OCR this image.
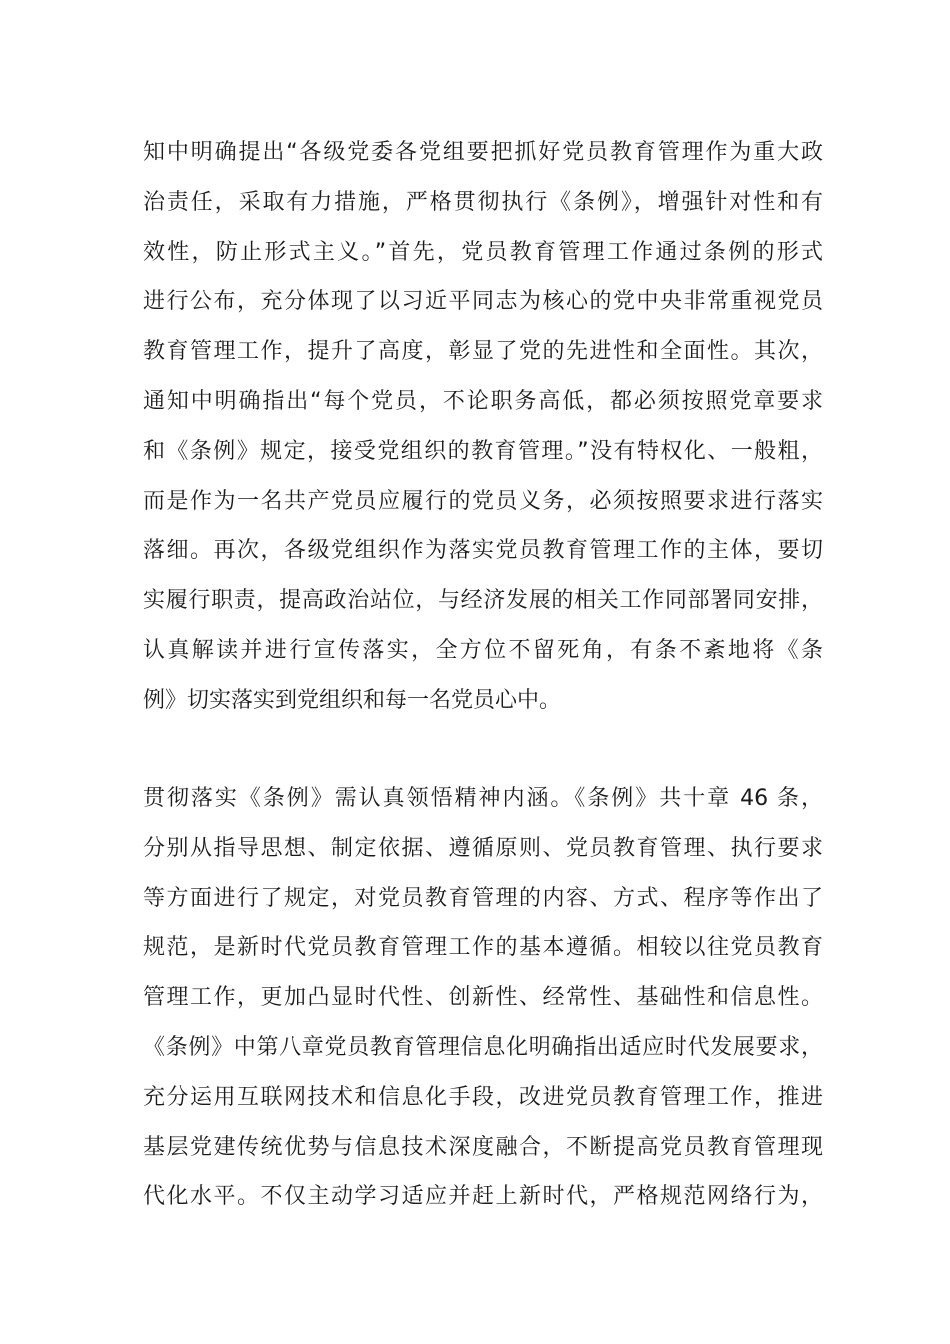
知中明确提出“各级党委各党组要把抓好党员教育管理作为重大政
治责任，采取有力措施，严格贯彻执行《条例》，增强针对性和有
效性，防止形式主义。”首先，党员教育管理工作通过条例的形式
进行公布，充分体现了以习近平同志为核心的党中央非常重视党员
教育管理工作，提升了高度，彰显了党的先进性和全面性。其次，
通知中明确指出“每个党员，不论职务高低，都必须按照党章要求
和《条例》规定，接受党组织的教育管理。”没有特权化、一般粗，
而是作为一名共产党员应履行的党员义务，必须按照要求进行落实
落细。再次，各级党组织作为落实党员教育管理工作的主体，要切
实履行职责，提高政治站位，与经济发展的相关工作同部署同安排，
认真解读并进行宣传落实，全方位不留死角，有条不紊地将《条
例》切实落实到党组织和每一名党员心中。
贯彻落实《条例》需认真领悟精神内涵。《条例》共十章 46 条，
分别从指导思想、制定依据、遵循原则、党员教育管理、执行要求
等方面进行了规定，对党员教育管理的内容、方式、程序等作出了
规范，是新时代党员教育管理工作的基本遵循。相较以往党员教育
管理工作，更加凸显时代性、创新性、经常性、基础性和信息性。
《条例》中第八章党员教育管理信息化明确指出适应时代发展要求，
充分运用互联网技术和信息化手段，改进党员教育管理工作，推进
基层党建传统优势与信息技术深度融合，不断提高党员教育管理现
代化水平。不仅主动学习适应并赶上新时代，严格规范网络行为，
